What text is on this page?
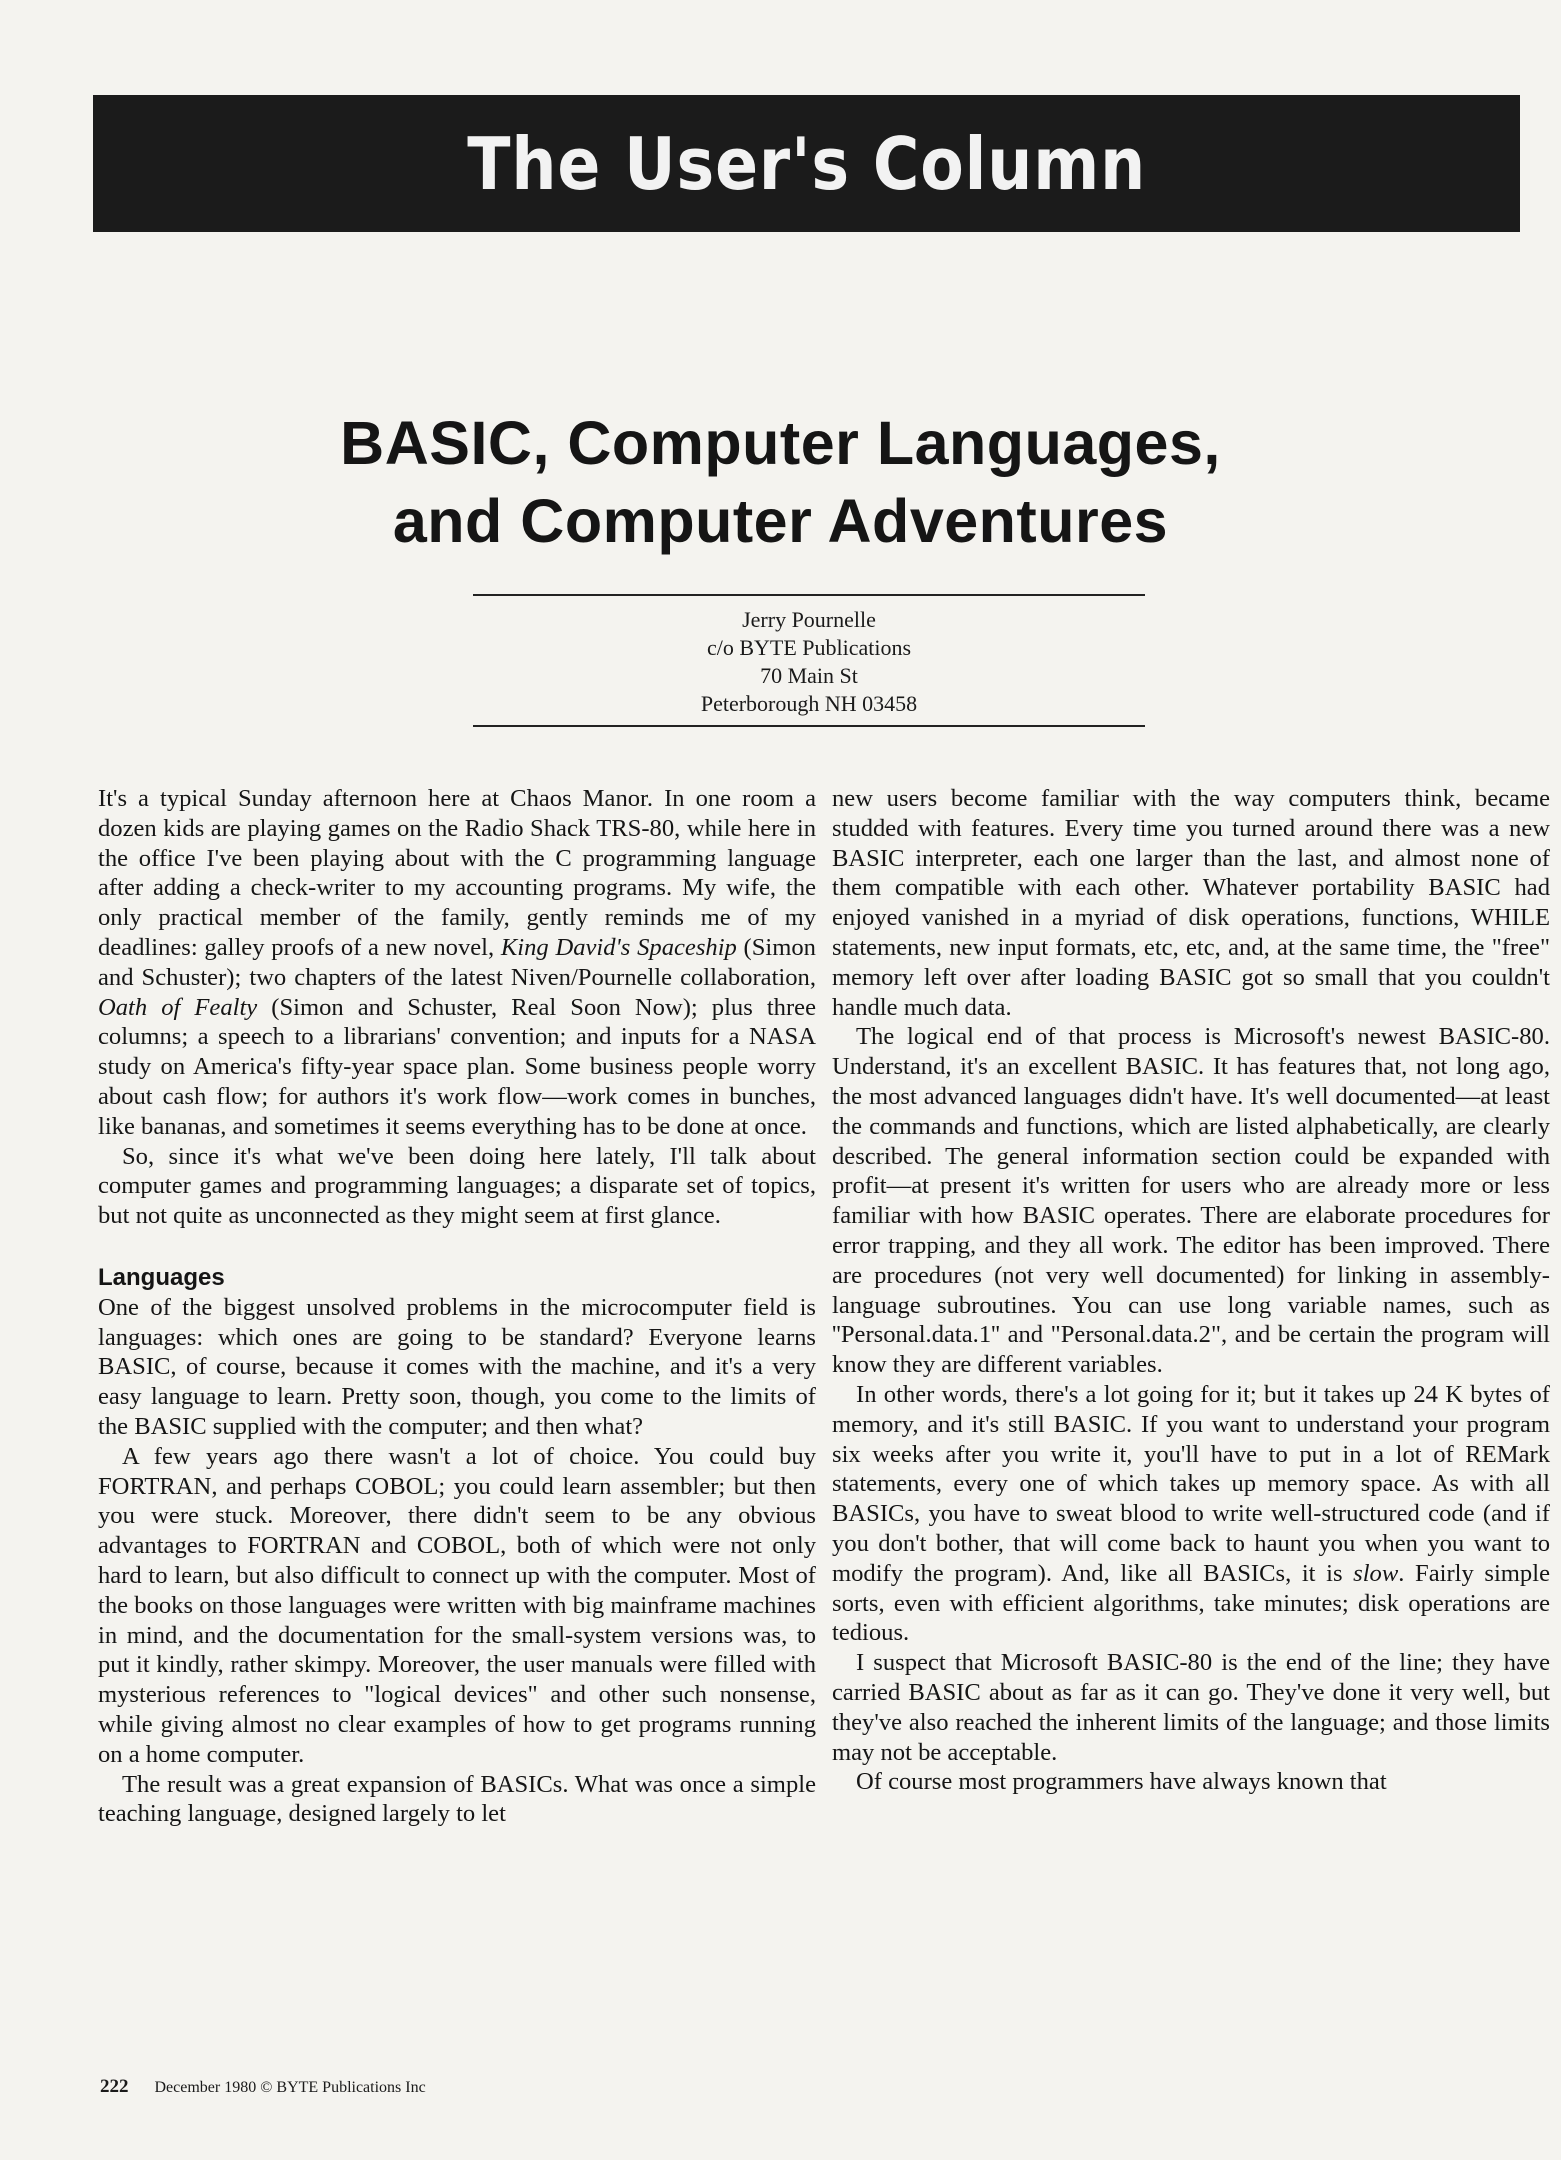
The User's Column
BASIC, Computer Languages,
and Computer Adventures
Jerry Pournelle
c/o BYTE Publications
70 Main St
Peterborough NH 03458

It's a typical Sunday afternoon here at Chaos Manor. In one room a dozen kids are playing games on the Radio Shack TRS-80, while here in the office I've been playing about with the C programming language after adding a check-writer to my accounting programs. My wife, the only practical member of the family, gently reminds me of my deadlines: galley proofs of a new novel, King David's Spaceship (Simon and Schuster); two chapters of the latest Niven/Pournelle collaboration, Oath of Fealty (Simon and Schuster, Real Soon Now); plus three columns; a speech to a librarians' convention; and inputs for a NASA study on America's fifty-year space plan. Some business people worry about cash flow; for authors it's work flow—work comes in bunches, like bananas, and sometimes it seems everything has to be done at once.

So, since it's what we've been doing here lately, I'll talk about computer games and programming languages; a disparate set of topics, but not quite as unconnected as they might seem at first glance.

Languages

One of the biggest unsolved problems in the microcomputer field is languages: which ones are going to be standard? Everyone learns BASIC, of course, because it comes with the machine, and it's a very easy language to learn. Pretty soon, though, you come to the limits of the BASIC supplied with the computer; and then what?

A few years ago there wasn't a lot of choice. You could buy FORTRAN, and perhaps COBOL; you could learn assembler; but then you were stuck. Moreover, there didn't seem to be any obvious advantages to FORTRAN and COBOL, both of which were not only hard to learn, but also difficult to connect up with the computer. Most of the books on those languages were written with big mainframe machines in mind, and the documentation for the small-system versions was, to put it kindly, rather skimpy. Moreover, the user manuals were filled with mysterious references to "logical devices" and other such nonsense, while giving almost no clear examples of how to get programs running on a home computer.

The result was a great expansion of BASICs. What was once a simple teaching language, designed largely to let

new users become familiar with the way computers think, became studded with features. Every time you turned around there was a new BASIC interpreter, each one larger than the last, and almost none of them compatible with each other. Whatever portability BASIC had enjoyed vanished in a myriad of disk operations, functions, WHILE statements, new input formats, etc, etc, and, at the same time, the "free" memory left over after loading BASIC got so small that you couldn't handle much data.

The logical end of that process is Microsoft's newest BASIC-80. Understand, it's an excellent BASIC. It has features that, not long ago, the most advanced languages didn't have. It's well documented—at least the commands and functions, which are listed alphabetically, are clearly described. The general information section could be expanded with profit—at present it's written for users who are already more or less familiar with how BASIC operates. There are elaborate procedures for error trapping, and they all work. The editor has been improved. There are procedures (not very well documented) for linking in assembly-language subroutines. You can use long variable names, such as ''Personal.data.1'' and "Personal.data.2", and be certain the program will know they are different variables.

In other words, there's a lot going for it; but it takes up 24 K bytes of memory, and it's still BASIC. If you want to understand your program six weeks after you write it, you'll have to put in a lot of REMark statements, every one of which takes up memory space. As with all BASICs, you have to sweat blood to write well-structured code (and if you don't bother, that will come back to haunt you when you want to modify the program). And, like all BASICs, it is slow. Fairly simple sorts, even with efficient algorithms, take minutes; disk operations are tedious.

I suspect that Microsoft BASIC-80 is the end of the line; they have carried BASIC about as far as it can go. They've done it very well, but they've also reached the inherent limits of the language; and those limits may not be acceptable.

Of course most programmers have always known that

222 December 1980 © BYTE Publications Inc
